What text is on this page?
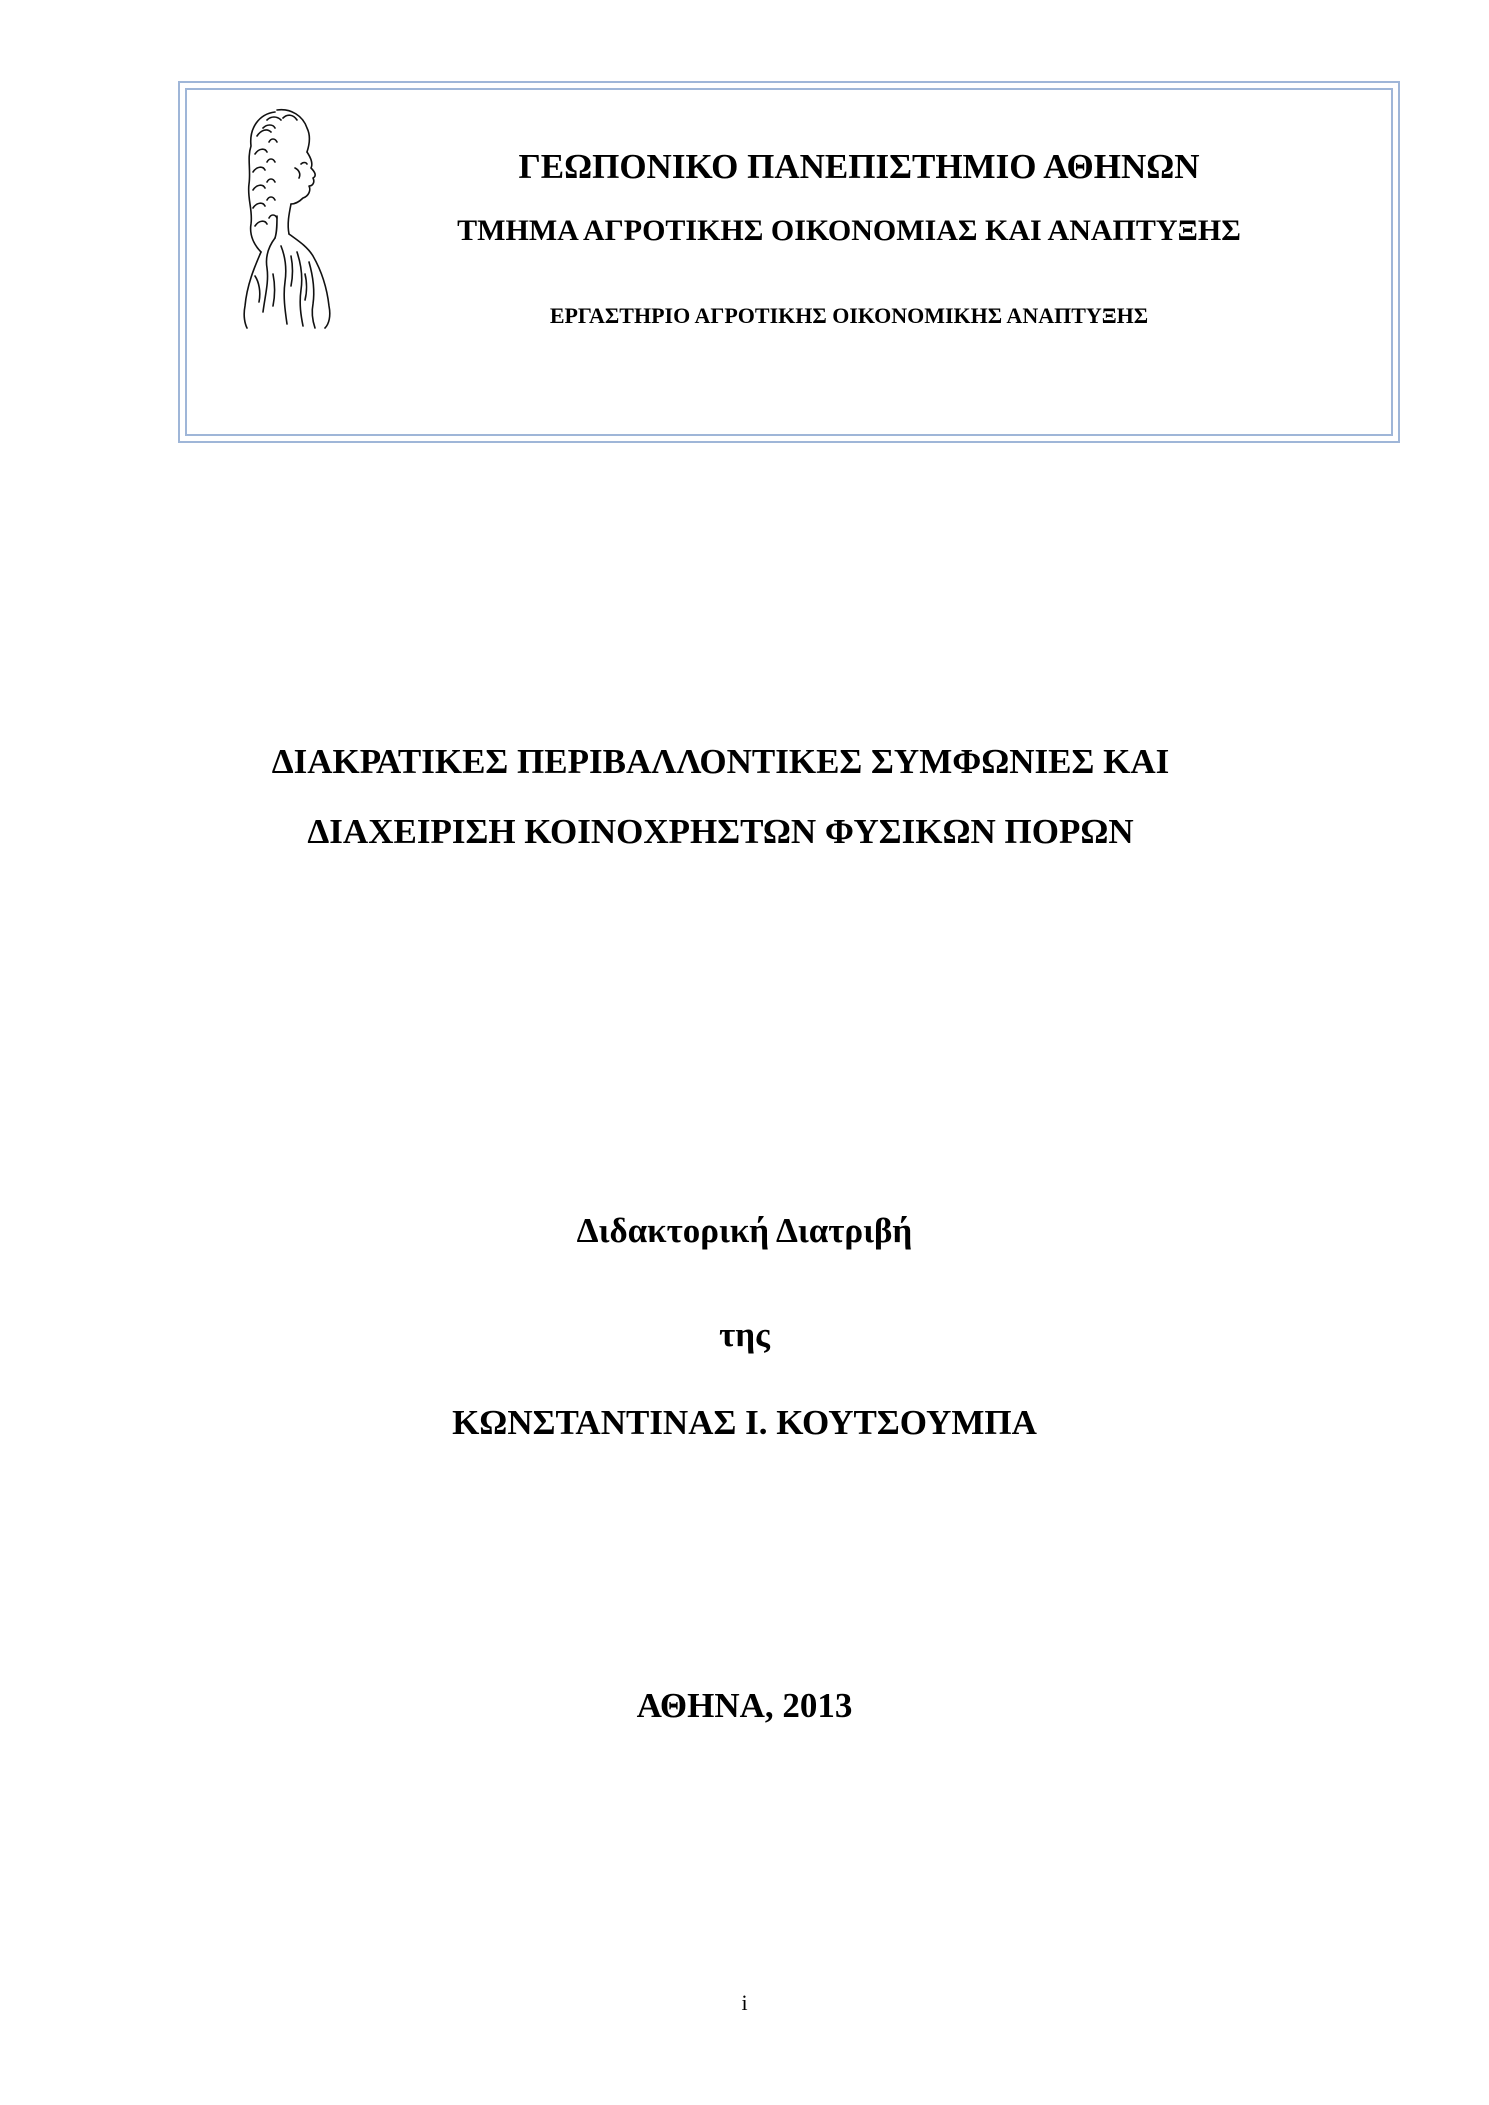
ΓΕΩΠΟΝΙΚΟ ΠΑΝΕΠΙΣΤΗΜΙΟ ΑΘΗΝΩΝ
ΤΜΗΜΑ ΑΓΡΟΤΙΚΗΣ ΟΙΚΟΝΟΜΙΑΣ ΚΑΙ ΑΝΑΠΤΥΞΗΣ
ΕΡΓΑΣΤΗΡΙΟ ΑΓΡΟΤΙΚΗΣ ΟΙΚΟΝΟΜΙΚΗΣ ΑΝΑΠΤΥΞΗΣ
ΔΙΑΚΡΑΤΙΚΕΣ ΠΕΡΙΒΑΛΛΟΝΤΙΚΕΣ ΣΥΜΦΩΝΙΕΣ ΚΑΙ
ΔΙΑΧΕΙΡΙΣΗ ΚΟΙΝΟΧΡΗΣΤΩΝ ΦΥΣΙΚΩΝ ΠΟΡΩΝ
Διδακτορική Διατριβή
της
ΚΩΝΣΤΑΝΤΙΝΑΣ Ι. ΚΟΥΤΣΟΥΜΠΑ
ΑΘΗΝΑ, 2013
i
